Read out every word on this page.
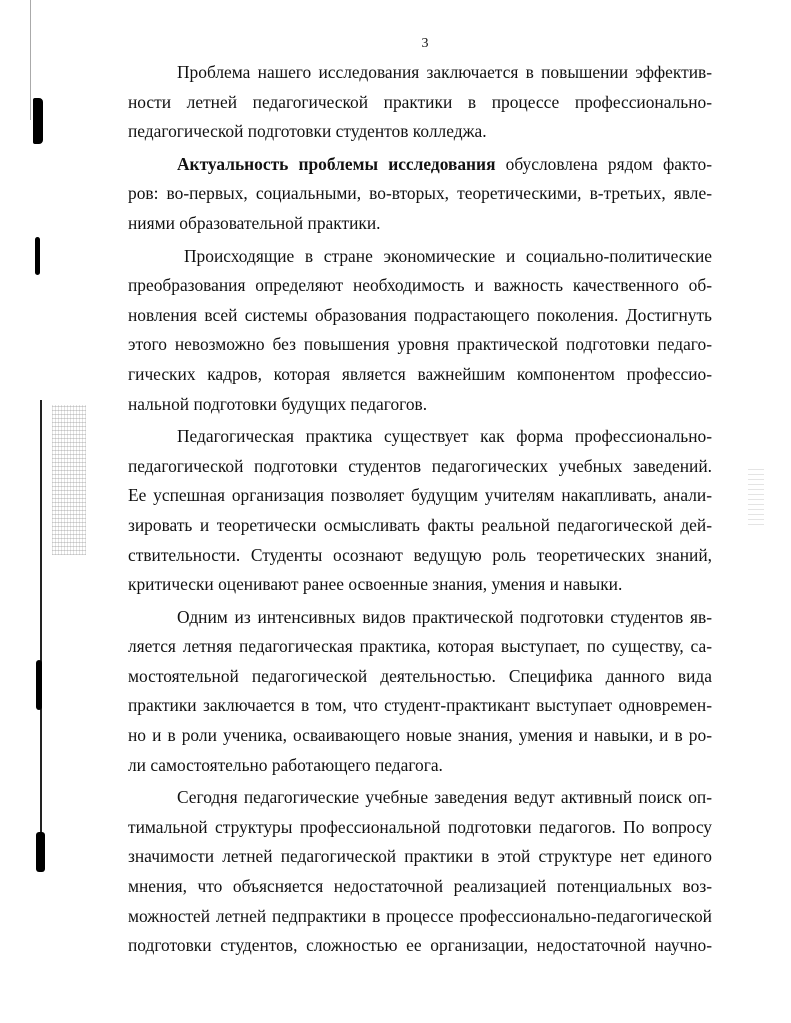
3

Проблема нашего исследования заключается в повышении эффектив-
ности летней педагогической практики в процессе профессионально-
педагогической подготовки студентов колледжа.

Актуальность проблемы исследования обусловлена рядом факто-
ров: во-первых, социальными, во-вторых, теоретическими, в-третьих, явле-
ниями образовательной практики.

Происходящие в стране экономические и социально-политические
преобразования определяют необходимость и важность качественного об-
новления всей системы образования подрастающего поколения. Достигнуть
этого невозможно без повышения уровня практической подготовки педаго-
гических кадров, которая является важнейшим компонентом профессио-
нальной подготовки будущих педагогов.

Педагогическая практика существует как форма профессионально-
педагогической подготовки студентов педагогических учебных заведений.
Ее успешная организация позволяет будущим учителям накапливать, анали-
зировать и теоретически осмысливать факты реальной педагогической дей-
ствительности. Студенты осознают ведущую роль теоретических знаний,
критически оценивают ранее освоенные знания, умения и навыки.

Одним из интенсивных видов практической подготовки студентов яв-
ляется летняя педагогическая практика, которая выступает, по существу, са-
мостоятельной педагогической деятельностью. Специфика данного вида
практики заключается в том, что студент-практикант выступает одновремен-
но и в роли ученика, осваивающего новые знания, умения и навыки, и в ро-
ли самостоятельно работающего педагога.

Сегодня педагогические учебные заведения ведут активный поиск оп-
тимальной структуры профессиональной подготовки педагогов. По вопросу
значимости летней педагогической практики в этой структуре нет единого
мнения, что объясняется недостаточной реализацией потенциальных воз-
можностей летней педпрактики в процессе профессионально-педагогической
подготовки студентов, сложностью ее организации, недостаточной научно-
